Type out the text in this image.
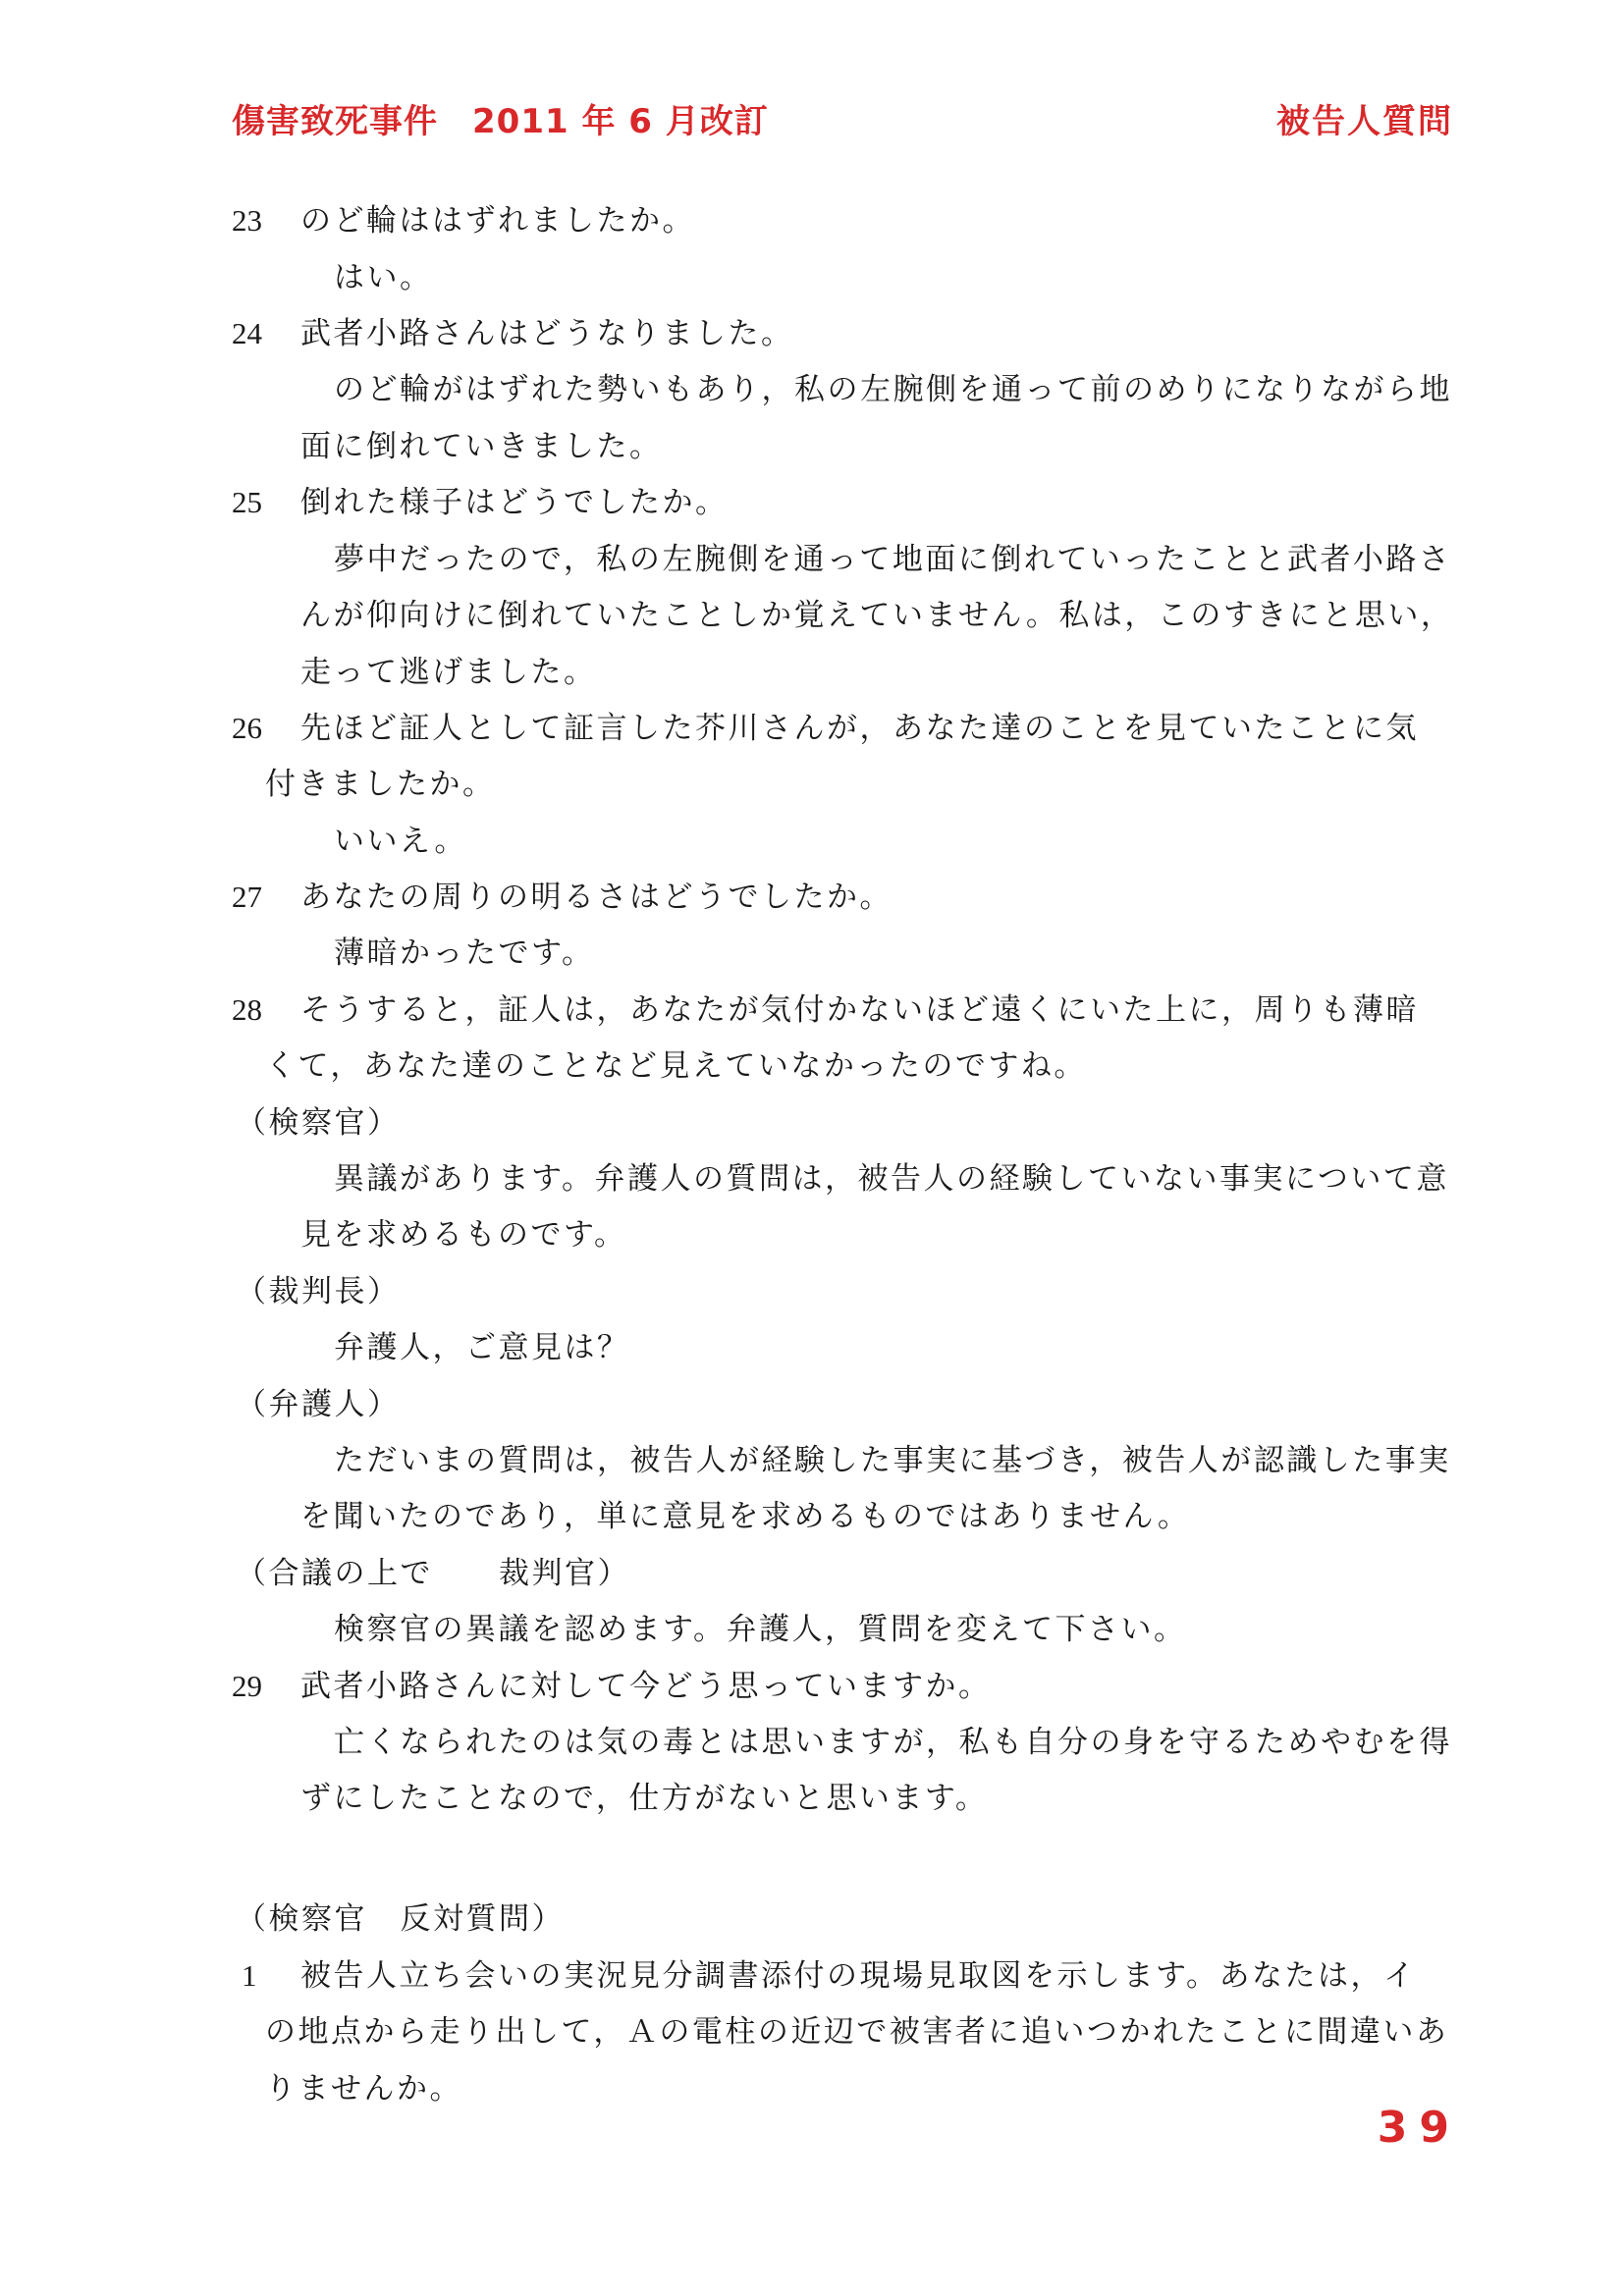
傷害致死事件　2011 年 6 月改訂	被告人質問
23	のど輪ははずれましたか。
はい。
24	武者小路さんはどうなりました。
のど輪がはずれた勢いもあり，私の左腕側を通って前のめりになりながら地
面に倒れていきました。
25	倒れた様子はどうでしたか。
夢中だったので，私の左腕側を通って地面に倒れていったことと武者小路さ
んが仰向けに倒れていたことしか覚えていません。私は，このすきにと思い，
走って逃げました。
26	先ほど証人として証言した芥川さんが，あなた達のことを見ていたことに気
付きましたか。
いいえ。
27	あなたの周りの明るさはどうでしたか。
薄暗かったです。
28	そうすると，証人は，あなたが気付かないほど遠くにいた上に，周りも薄暗
くて，あなた達のことなど見えていなかったのですね。
（検察官）
異議があります。弁護人の質問は，被告人の経験していない事実について意
見を求めるものです。
（裁判長）
弁護人，ご意見は？
（弁護人）
ただいまの質問は，被告人が経験した事実に基づき，被告人が認識した事実
を聞いたのであり，単に意見を求めるものではありません。
（合議の上で　　裁判官）
検察官の異議を認めます。弁護人，質問を変えて下さい。
29	武者小路さんに対して今どう思っていますか。
亡くなられたのは気の毒とは思いますが，私も自分の身を守るためやむを得
ずにしたことなので，仕方がないと思います。
（検察官　反対質問）
1	被告人立ち会いの実況見分調書添付の現場見取図を示します。あなたは，イ
の地点から走り出して，Ａの電柱の近辺で被害者に追いつかれたことに間違いあ
りませんか。
39
